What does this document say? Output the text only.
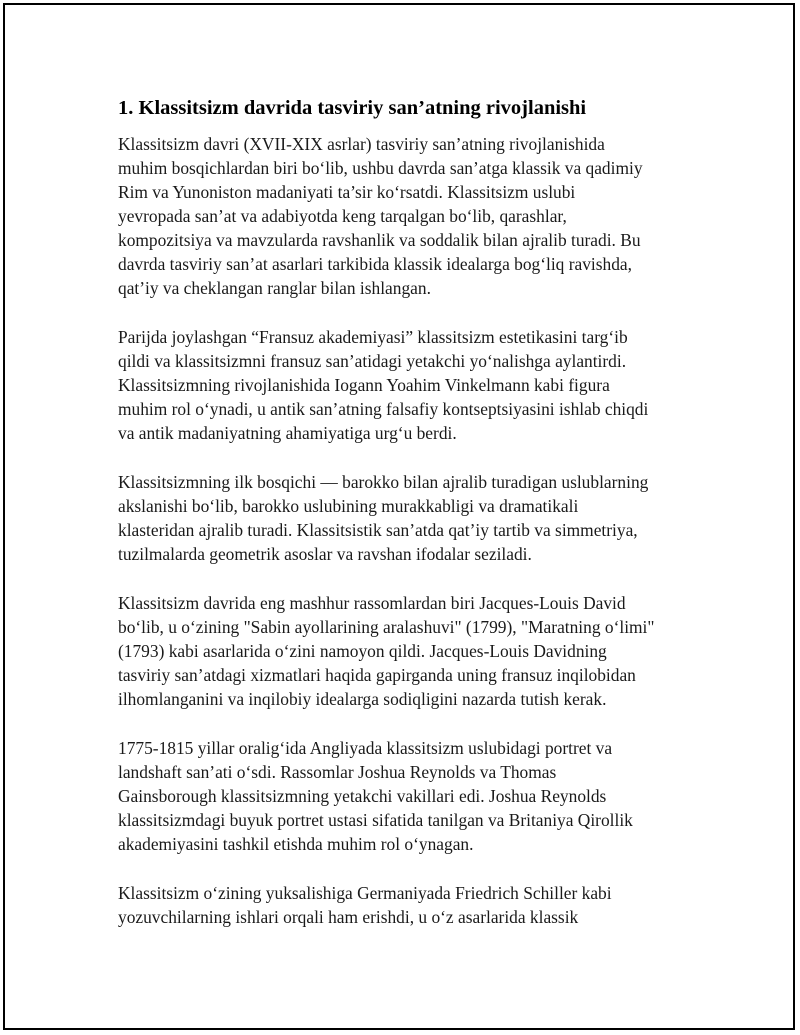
1. Klassitsizm davrida tasviriy san’atning rivojlanishi
Klassitsizm davri (XVII-XIX asrlar) tasviriy san’atning rivojlanishida
muhim bosqichlardan biri bo‘lib, ushbu davrda san’atga klassik va qadimiy
Rim va Yunoniston madaniyati ta’sir ko‘rsatdi. Klassitsizm uslubi
yevropada san’at va adabiyotda keng tarqalgan bo‘lib, qarashlar,
kompozitsiya va mavzularda ravshanlik va soddalik bilan ajralib turadi. Bu
davrda tasviriy san’at asarlari tarkibida klassik idealarga bog‘liq ravishda,
qat’iy va cheklangan ranglar bilan ishlangan.
Parijda joylashgan “Fransuz akademiyasi” klassitsizm estetikasini targ‘ib
qildi va klassitsizmni fransuz san’atidagi yetakchi yo‘nalishga aylantirdi.
Klassitsizmning rivojlanishida Iogann Yoahim Vinkelmann kabi figura
muhim rol o‘ynadi, u antik san’atning falsafiy kontseptsiyasini ishlab chiqdi
va antik madaniyatning ahamiyatiga urg‘u berdi.
Klassitsizmning ilk bosqichi — barokko bilan ajralib turadigan uslublarning
akslanishi bo‘lib, barokko uslubining murakkabligi va dramatikali
klasteridan ajralib turadi. Klassitsistik san’atda qat’iy tartib va simmetriya,
tuzilmalarda geometrik asoslar va ravshan ifodalar seziladi.
Klassitsizm davrida eng mashhur rassomlardan biri Jacques-Louis David
bo‘lib, u o‘zining "Sabin ayollarining aralashuvi" (1799), "Maratning o‘limi"
(1793) kabi asarlarida o‘zini namoyon qildi. Jacques-Louis Davidning
tasviriy san’atdagi xizmatlari haqida gapirganda uning fransuz inqilobidan
ilhomlanganini va inqilobiy idealarga sodiqligini nazarda tutish kerak.
1775-1815 yillar oralig‘ida Angliyada klassitsizm uslubidagi portret va
landshaft san’ati o‘sdi. Rassomlar Joshua Reynolds va Thomas
Gainsborough klassitsizmning yetakchi vakillari edi. Joshua Reynolds
klassitsizmdagi buyuk portret ustasi sifatida tanilgan va Britaniya Qirollik
akademiyasini tashkil etishda muhim rol o‘ynagan.
Klassitsizm o‘zining yuksalishiga Germaniyada Friedrich Schiller kabi
yozuvchilarning ishlari orqali ham erishdi, u o‘z asarlarida klassik
